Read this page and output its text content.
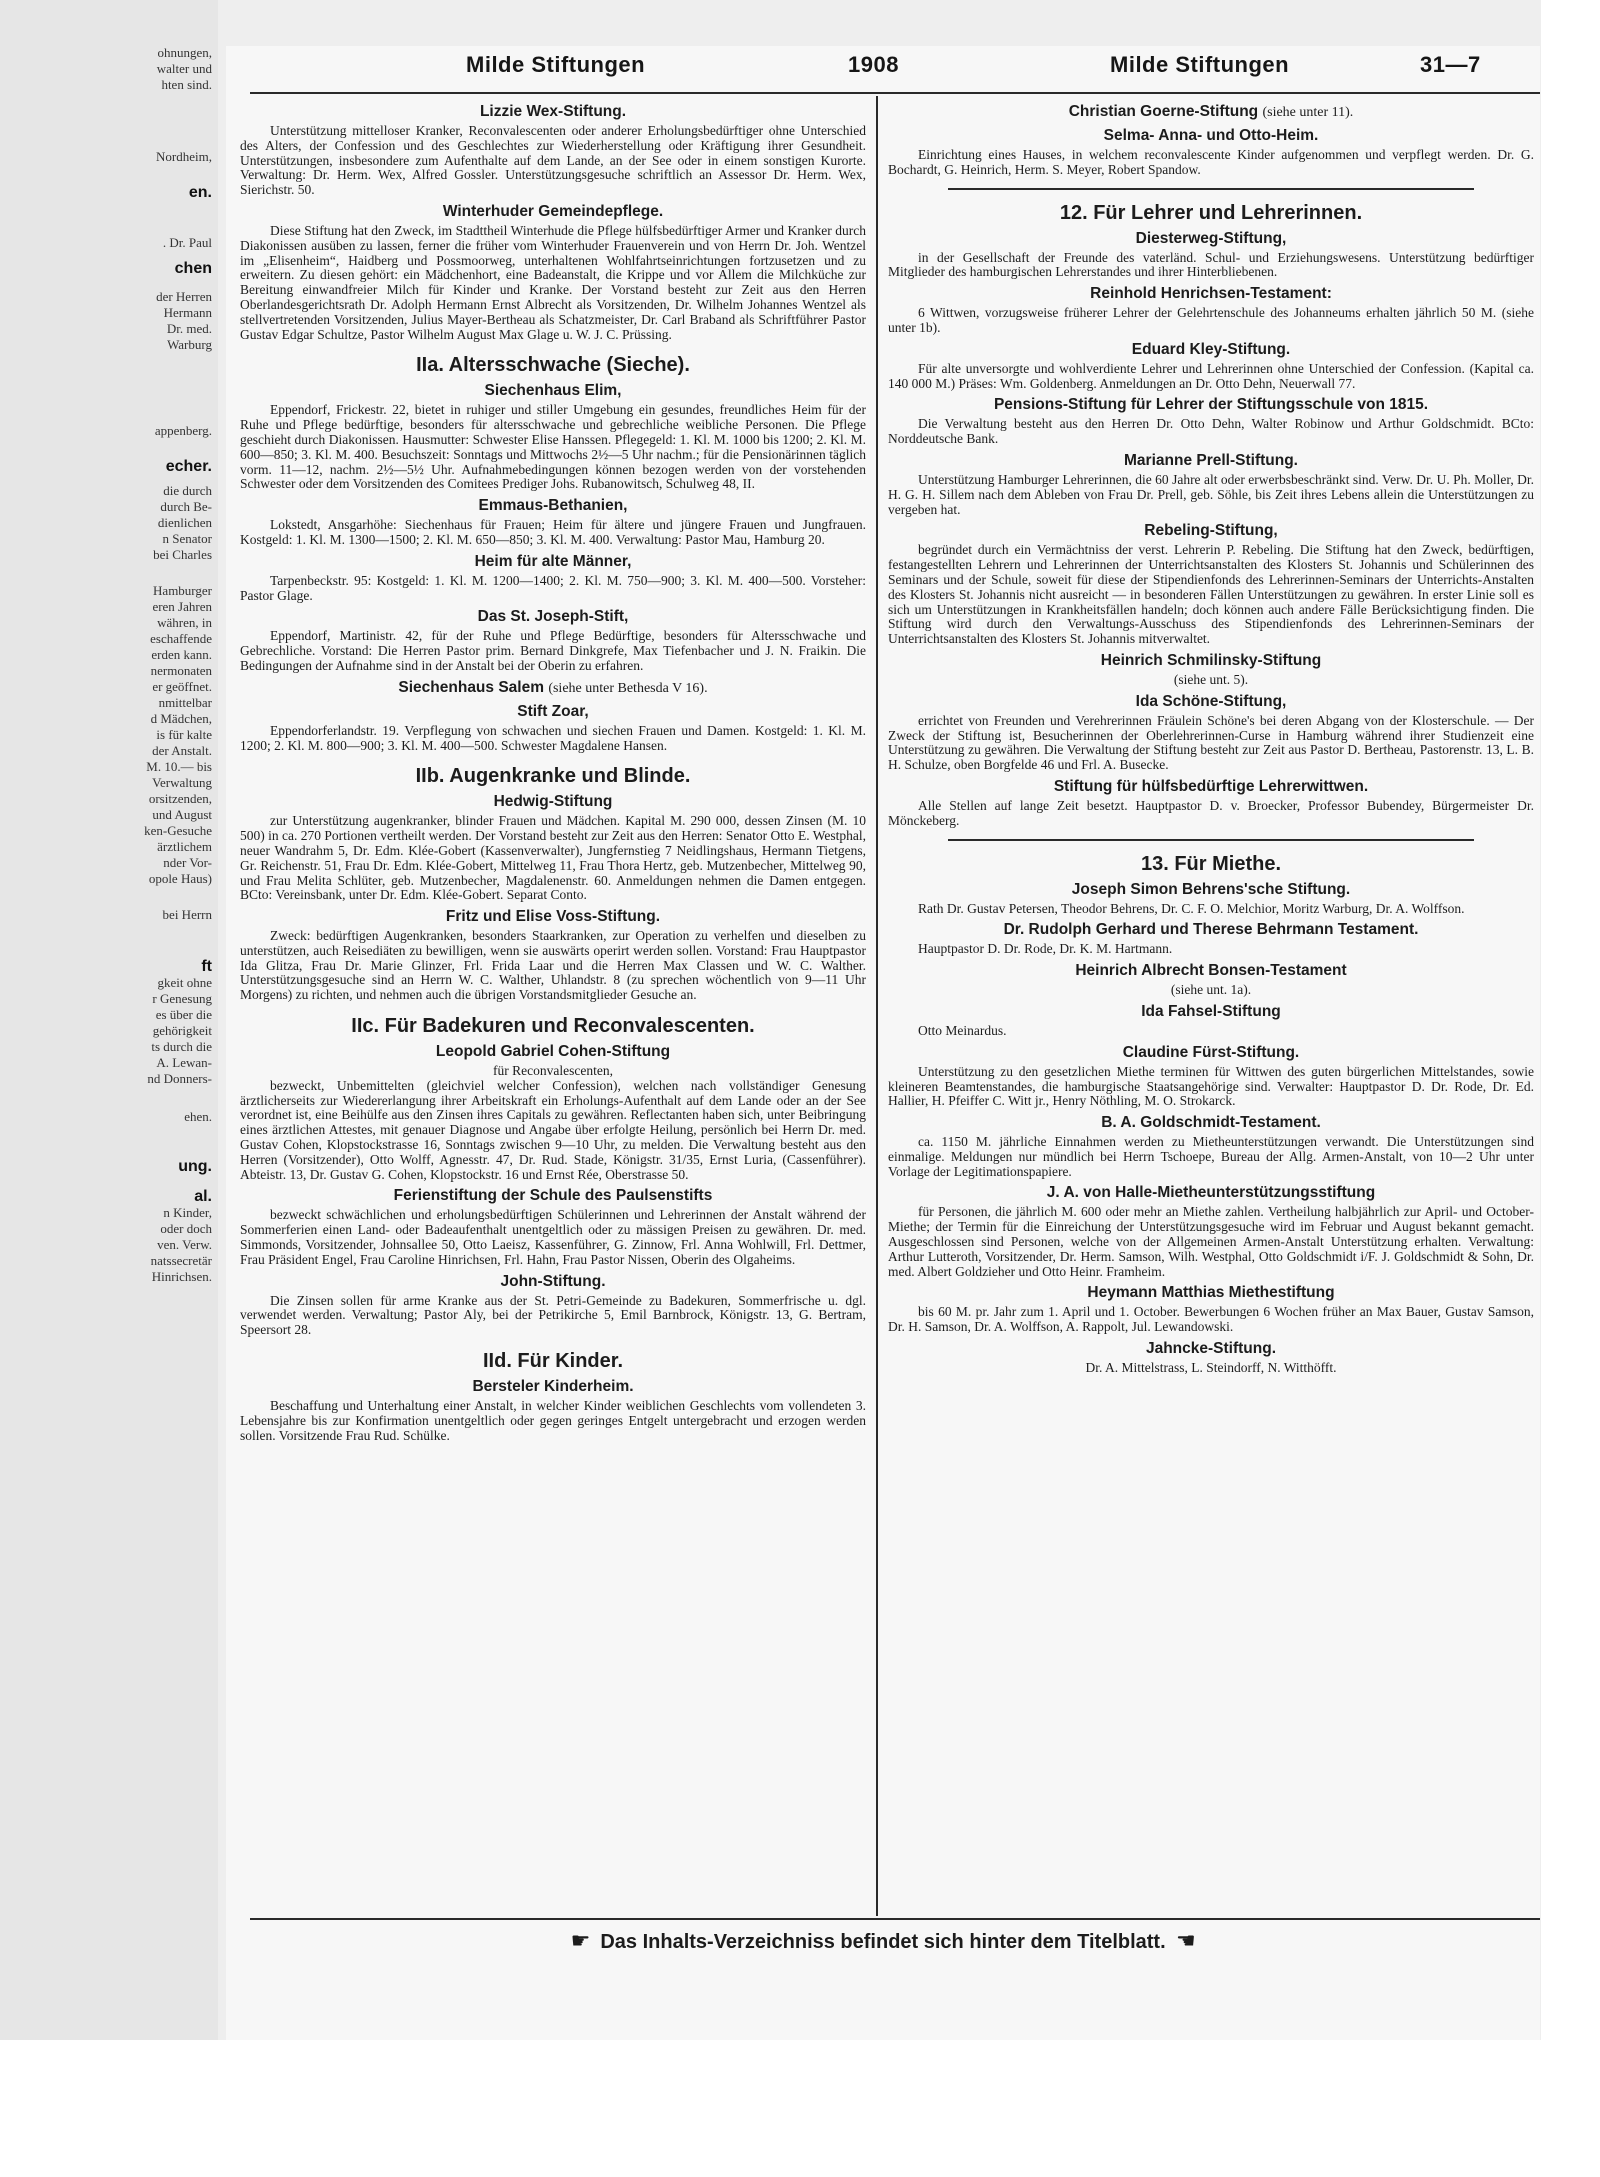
ohnungen,
walter und
hten sind.
Nordheim,
en.
. Dr. Paul
chen
der Herren
Hermann
Dr. med.
Warburg
appenberg.
echer.
die durch
durch Be-
dienlichen
n Senator
bei Charles
Hamburger
eren Jahren
währen, in
eschaffende
erden kann.
nermonaten
er geöffnet.
nmittelbar
d Mädchen,
is für kalte
der Anstalt.
M. 10.— bis
Verwaltung
orsitzenden,
und August
ken-Gesuche
ärztlichem
nder Vor-
opole Haus)
bei Herrn
ft
gkeit ohne
r Genesung
es über die
gehörigkeit
ts durch die
A. Lewan-
nd Donners-
ehen.
ung.
al.
n Kinder,
oder doch
ven. Verw.
natssecretär
Hinrichsen.
Milde Stiftungen	1908	Milde Stiftungen	31—7
Lizzie Wex-Stiftung.

Unterstützung mittelloser Kranker, Reconvalescenten oder anderer Erholungsbedürftiger ohne Unterschied des Alters, der Confession und des Geschlechtes zur Wiederherstellung oder Kräftigung ihrer Gesundheit. Unterstützungen, insbesondere zum Aufenthalte auf dem Lande, an der See oder in einem sonstigen Kurorte. Verwaltung: Dr. Herm. Wex, Alfred Gossler. Unterstützungsgesuche schriftlich an Assessor Dr. Herm. Wex, Sierichstr. 50.

Winterhuder Gemeindepflege.

Diese Stiftung hat den Zweck, im Stadttheil Winterhude die Pflege hülfsbedürftiger Armer und Kranker durch Diakonissen ausüben zu lassen, ferner die früher vom Winterhuder Frauenverein und von Herrn Dr. Joh. Wentzel im „Elisenheim“, Haidberg und Possmoorweg, unterhaltenen Wohlfahrtseinrichtungen fortzusetzen und zu erweitern. Zu diesen gehört: ein Mädchenhort, eine Badeanstalt, die Krippe und vor Allem die Milchküche zur Bereitung einwandfreier Milch für Kinder und Kranke. Der Vorstand besteht zur Zeit aus den Herren Oberlandesgerichtsrath Dr. Adolph Hermann Ernst Albrecht als Vorsitzenden, Dr. Wilhelm Johannes Wentzel als stellvertretenden Vorsitzenden, Julius Mayer-Bertheau als Schatzmeister, Dr. Carl Braband als Schriftführer Pastor Gustav Edgar Schultze, Pastor Wilhelm August Max Glage u. W. J. C. Prüssing.

IIa. Altersschwache (Sieche).
Siechenhaus Elim,

Eppendorf, Frickestr. 22, bietet in ruhiger und stiller Umgebung ein gesundes, freundliches Heim für der Ruhe und Pflege bedürftige, besonders für altersschwache und gebrechliche weibliche Personen. Die Pflege geschieht durch Diakonissen. Hausmutter: Schwester Elise Hanssen. Pflegegeld: 1. Kl. M. 1000 bis 1200; 2. Kl. M. 600—850; 3. Kl. M. 400. Besuchszeit: Sonntags und Mittwochs 2½—5 Uhr nachm.; für die Pensionärinnen täglich vorm. 11—12, nachm. 2½—5½ Uhr. Aufnahmebedingungen können bezogen werden von der vorstehenden Schwester oder dem Vorsitzenden des Comitees Prediger Johs. Rubanowitsch, Schulweg 48, II.

Emmaus-Bethanien,

Lokstedt, Ansgarhöhe: Siechenhaus für Frauen; Heim für ältere und jüngere Frauen und Jungfrauen. Kostgeld: 1. Kl. M. 1300—1500; 2. Kl. M. 650—850; 3. Kl. M. 400. Verwaltung: Pastor Mau, Hamburg 20.

Heim für alte Männer,

Tarpenbeckstr. 95: Kostgeld: 1. Kl. M. 1200—1400; 2. Kl. M. 750—900; 3. Kl. M. 400—500. Vorsteher: Pastor Glage.

Das St. Joseph-Stift,

Eppendorf, Martinistr. 42, für der Ruhe und Pflege Bedürftige, besonders für Altersschwache und Gebrechliche. Vorstand: Die Herren Pastor prim. Bernard Dinkgrefe, Max Tiefenbacher und J. N. Fraikin. Die Bedingungen der Aufnahme sind in der Anstalt bei der Oberin zu erfahren.

Siechenhaus Salem (siehe unter Bethesda V 16).
Stift Zoar,

Eppendorferlandstr. 19. Verpflegung von schwachen und siechen Frauen und Damen. Kostgeld: 1. Kl. M. 1200; 2. Kl. M. 800—900; 3. Kl. M. 400—500. Schwester Magdalene Hansen.

IIb. Augenkranke und Blinde.
Hedwig-Stiftung

zur Unterstützung augenkranker, blinder Frauen und Mädchen. Kapital M. 290 000, dessen Zinsen (M. 10 500) in ca. 270 Portionen vertheilt werden. Der Vorstand besteht zur Zeit aus den Herren: Senator Otto E. Westphal, neuer Wandrahm 5, Dr. Edm. Klée-Gobert (Kassenverwalter), Jungfernstieg 7 Neidlingshaus, Hermann Tietgens, Gr. Reichenstr. 51, Frau Dr. Edm. Klée-Gobert, Mittelweg 11, Frau Thora Hertz, geb. Mutzenbecher, Mittelweg 90, und Frau Melita Schlüter, geb. Mutzenbecher, Magdalenenstr. 60. Anmeldungen nehmen die Damen entgegen. BCto: Vereinsbank, unter Dr. Edm. Klée-Gobert. Separat Conto.

Fritz und Elise Voss-Stiftung.

Zweck: bedürftigen Augenkranken, besonders Staarkranken, zur Operation zu verhelfen und dieselben zu unterstützen, auch Reisediäten zu bewilligen, wenn sie auswärts operirt werden sollen. Vorstand: Frau Hauptpastor Ida Glitza, Frau Dr. Marie Glinzer, Frl. Frida Laar und die Herren Max Classen und W. C. Walther. Unterstützungsgesuche sind an Herrn W. C. Walther, Uhlandstr. 8 (zu sprechen wöchentlich von 9—11 Uhr Morgens) zu richten, und nehmen auch die übrigen Vorstandsmitglieder Gesuche an.

IIc. Für Badekuren und Reconvalescenten.
Leopold Gabriel Cohen-Stiftung

für Reconvalescenten,

bezweckt, Unbemittelten (gleichviel welcher Confession), welchen nach vollständiger Genesung ärztlicherseits zur Wiedererlangung ihrer Arbeitskraft ein Erholungs-Aufenthalt auf dem Lande oder an der See verordnet ist, eine Beihülfe aus den Zinsen ihres Capitals zu gewähren. Reflectanten haben sich, unter Beibringung eines ärztlichen Attestes, mit genauer Diagnose und Angabe über erfolgte Heilung, persönlich bei Herrn Dr. med. Gustav Cohen, Klopstockstrasse 16, Sonntags zwischen 9—10 Uhr, zu melden. Die Verwaltung besteht aus den Herren (Vorsitzender), Otto Wolff, Agnesstr. 47, Dr. Rud. Stade, Königstr. 31/35, Ernst Luria, (Cassenführer). Abteistr. 13, Dr. Gustav G. Cohen, Klopstockstr. 16 und Ernst Rée, Oberstrasse 50.

Ferienstiftung der Schule des Paulsenstifts

bezweckt schwächlichen und erholungsbedürftigen Schülerinnen und Lehrerinnen der Anstalt während der Sommerferien einen Land- oder Badeaufenthalt unentgeltlich oder zu mässigen Preisen zu gewähren. Dr. med. Simmonds, Vorsitzender, Johnsallee 50, Otto Laeisz, Kassenführer, G. Zinnow, Frl. Anna Wohlwill, Frl. Dettmer, Frau Präsident Engel, Frau Caroline Hinrichsen, Frl. Hahn, Frau Pastor Nissen, Oberin des Olgaheims.

John-Stiftung.

Die Zinsen sollen für arme Kranke aus der St. Petri-Gemeinde zu Badekuren, Sommerfrische u. dgl. verwendet werden. Verwaltung; Pastor Aly, bei der Petrikirche 5, Emil Barnbrock, Königstr. 13, G. Bertram, Speersort 28.

IId. Für Kinder.
Bersteler Kinderheim.

Beschaffung und Unterhaltung einer Anstalt, in welcher Kinder weiblichen Geschlechts vom vollendeten 3. Lebensjahre bis zur Konfirmation unentgeltlich oder gegen geringes Entgelt untergebracht und erzogen werden sollen. Vorsitzende Frau Rud. Schülke.

Christian Goerne-Stiftung (siehe unter 11).
Selma- Anna- und Otto-Heim.

Einrichtung eines Hauses, in welchem reconvalescente Kinder aufgenommen und verpflegt werden. Dr. G. Bochardt, G. Heinrich, Herm. S. Meyer, Robert Spandow.

12. Für Lehrer und Lehrerinnen.
Diesterweg-Stiftung,

in der Gesellschaft der Freunde des vaterländ. Schul- und Erziehungswesens. Unterstützung bedürftiger Mitglieder des hamburgischen Lehrerstandes und ihrer Hinterbliebenen.

Reinhold Henrichsen-Testament:

6 Wittwen, vorzugsweise früherer Lehrer der Gelehrtenschule des Johanneums erhalten jährlich 50 M. (siehe unter 1b).

Eduard Kley-Stiftung.

Für alte unversorgte und wohlverdiente Lehrer und Lehrerinnen ohne Unterschied der Confession. (Kapital ca. 140 000 M.) Präses: Wm. Goldenberg. Anmeldungen an Dr. Otto Dehn, Neuerwall 77.

Pensions-Stiftung für Lehrer der Stiftungsschule von 1815.

Die Verwaltung besteht aus den Herren Dr. Otto Dehn, Walter Robinow und Arthur Goldschmidt. BCto: Norddeutsche Bank.

Marianne Prell-Stiftung.

Unterstützung Hamburger Lehrerinnen, die 60 Jahre alt oder erwerbsbeschränkt sind. Verw. Dr. U. Ph. Moller, Dr. H. G. H. Sillem nach dem Ableben von Frau Dr. Prell, geb. Söhle, bis Zeit ihres Lebens allein die Unterstützungen zu vergeben hat.

Rebeling-Stiftung,

begründet durch ein Vermächtniss der verst. Lehrerin P. Rebeling. Die Stiftung hat den Zweck, bedürftigen, festangestellten Lehrern und Lehrerinnen der Unterrichtsanstalten des Klosters St. Johannis und Schülerinnen des Seminars und der Schule, soweit für diese der Stipendienfonds des Lehrerinnen-Seminars der Unterrichts-Anstalten des Klosters St. Johannis nicht ausreicht — in besonderen Fällen Unterstützungen zu gewähren. In erster Linie soll es sich um Unterstützungen in Krankheitsfällen handeln; doch können auch andere Fälle Berücksichtigung finden. Die Stiftung wird durch den Verwaltungs-Ausschuss des Stipendienfonds des Lehrerinnen-Seminars der Unterrichtsanstalten des Klosters St. Johannis mitverwaltet.

Heinrich Schmilinsky-Stiftung

(siehe unt. 5).

Ida Schöne-Stiftung,

errichtet von Freunden und Verehrerinnen Fräulein Schöne's bei deren Abgang von der Klosterschule. — Der Zweck der Stiftung ist, Besucherinnen der Oberlehrerinnen-Curse in Hamburg während ihrer Studienzeit eine Unterstützung zu gewähren. Die Verwaltung der Stiftung besteht zur Zeit aus Pastor D. Bertheau, Pastorenstr. 13, L. B. H. Schulze, oben Borgfelde 46 und Frl. A. Busecke.

Stiftung für hülfsbedürftige Lehrerwittwen.

Alle Stellen auf lange Zeit besetzt. Hauptpastor D. v. Broecker, Professor Bubendey, Bürgermeister Dr. Mönckeberg.

13. Für Miethe.
Joseph Simon Behrens'sche Stiftung.

Rath Dr. Gustav Petersen, Theodor Behrens, Dr. C. F. O. Melchior, Moritz Warburg, Dr. A. Wolffson.

Dr. Rudolph Gerhard und Therese Behrmann Testament.

Hauptpastor D. Dr. Rode, Dr. K. M. Hartmann.

Heinrich Albrecht Bonsen-Testament

(siehe unt. 1a).

Ida Fahsel-Stiftung

Otto Meinardus.

Claudine Fürst-Stiftung.

Unterstützung zu den gesetzlichen Miethe terminen für Wittwen des guten bürgerlichen Mittelstandes, sowie kleineren Beamtenstandes, die hamburgische Staatsangehörige sind. Verwalter: Hauptpastor D. Dr. Rode, Dr. Ed. Hallier, H. Pfeiffer C. Witt jr., Henry Nöthling, M. O. Strokarck.

B. A. Goldschmidt-Testament.

ca. 1150 M. jährliche Einnahmen werden zu Mietheunterstützungen verwandt. Die Unterstützungen sind einmalige. Meldungen nur mündlich bei Herrn Tschoepe, Bureau der Allg. Armen-Anstalt, von 10—2 Uhr unter Vorlage der Legitimationspapiere.

J. A. von Halle-Mietheunterstützungsstiftung

für Personen, die jährlich M. 600 oder mehr an Miethe zahlen. Vertheilung halbjährlich zur April- und October-Miethe; der Termin für die Einreichung der Unterstützungsgesuche wird im Februar und August bekannt gemacht. Ausgeschlossen sind Personen, welche von der Allgemeinen Armen-Anstalt Unterstützung erhalten. Verwaltung: Arthur Lutteroth, Vorsitzender, Dr. Herm. Samson, Wilh. Westphal, Otto Goldschmidt i/F. J. Goldschmidt & Sohn, Dr. med. Albert Goldzieher und Otto Heinr. Framheim.

Heymann Matthias Miethestiftung

bis 60 M. pr. Jahr zum 1. April und 1. October. Bewerbungen 6 Wochen früher an Max Bauer, Gustav Samson, Dr. H. Samson, Dr. A. Wolffson, A. Rappolt, Jul. Lewandowski.

Jahncke-Stiftung.

Dr. A. Mittelstrass, L. Steindorff, N. Witthöfft.

☛ Das Inhalts-Verzeichniss befindet sich hinter dem Titelblatt. ☛
